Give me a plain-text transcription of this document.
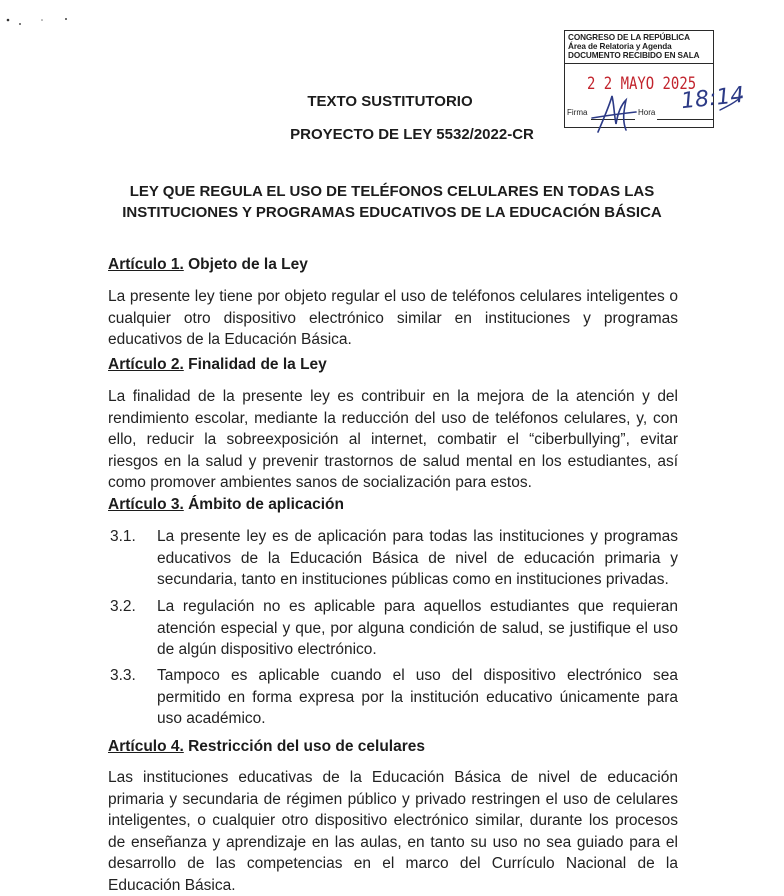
CONGRESO DE LA REPÚBLICA
Área de Relatoria y Agenda
DOCUMENTO RECIBIDO EN SALA
2 2 MAYO 2025
Firma	Hora 18:14
TEXTO SUSTITUTORIO
PROYECTO DE LEY 5532/2022-CR
LEY QUE REGULA EL USO DE TELÉFONOS CELULARES EN TODAS LAS INSTITUCIONES Y PROGRAMAS EDUCATIVOS DE LA EDUCACIÓN BÁSICA
Artículo 1. Objeto de la Ley
La presente ley tiene por objeto regular el uso de teléfonos celulares inteligentes o cualquier otro dispositivo electrónico similar en instituciones y programas educativos de la Educación Básica.
Artículo 2. Finalidad de la Ley
La finalidad de la presente ley es contribuir en la mejora de la atención y del rendimiento escolar, mediante la reducción del uso de teléfonos celulares, y, con ello, reducir la sobreexposición al internet, combatir el “ciberbullying”, evitar riesgos en la salud y prevenir trastornos de salud mental en los estudiantes, así como promover ambientes sanos de socialización para estos.
Artículo 3. Ámbito de aplicación
3.1. La presente ley es de aplicación para todas las instituciones y programas educativos de la Educación Básica de nivel de educación primaria y secundaria, tanto en instituciones públicas como en instituciones privadas.
3.2. La regulación no es aplicable para aquellos estudiantes que requieran atención especial y que, por alguna condición de salud, se justifique el uso de algún dispositivo electrónico.
3.3. Tampoco es aplicable cuando el uso del dispositivo electrónico sea permitido en forma expresa por la institución educativo únicamente para uso académico.
Artículo 4. Restricción del uso de celulares
Las instituciones educativas de la Educación Básica de nivel de educación primaria y secundaria de régimen público y privado restringen el uso de celulares inteligentes, o cualquier otro dispositivo electrónico similar, durante los procesos de enseñanza y aprendizaje en las aulas, en tanto su uso no sea guiado para el desarrollo de las competencias en el marco del Currículo Nacional de la Educación Básica.
